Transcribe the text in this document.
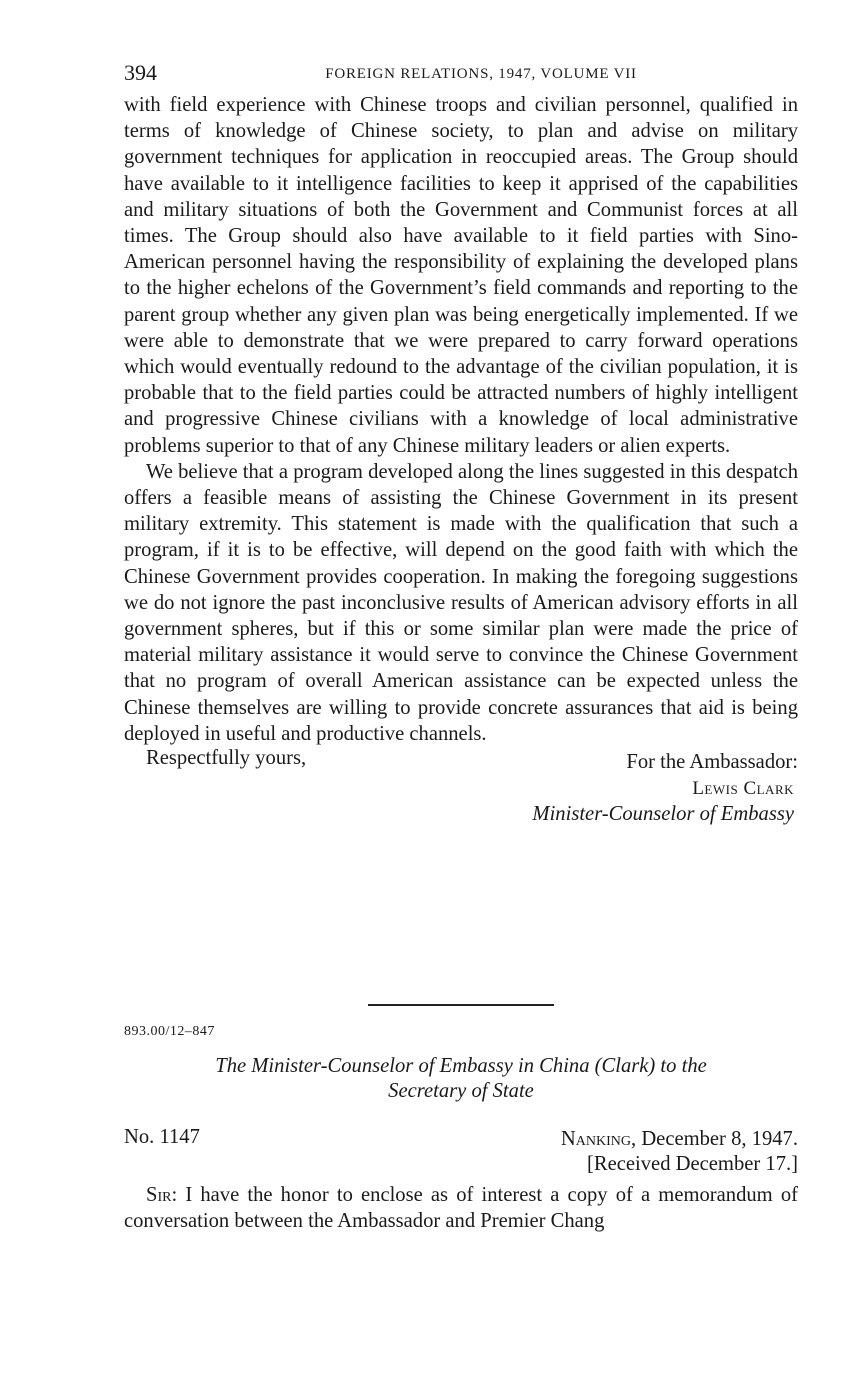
394	FOREIGN RELATIONS, 1947, VOLUME VII

with field experience with Chinese troops and civilian personnel, qualified in terms of knowledge of Chinese society, to plan and advise on military government techniques for application in reoccupied areas. The Group should have available to it intelligence facilities to keep it apprised of the capabilities and military situations of both the Government and Communist forces at all times. The Group should also have available to it field parties with Sino-American personnel having the responsibility of explaining the developed plans to the higher echelons of the Government’s field commands and reporting to the parent group whether any given plan was being energetically implemented. If we were able to demonstrate that we were prepared to carry forward operations which would eventually redound to the advantage of the civilian population, it is probable that to the field parties could be attracted numbers of highly intelligent and progressive Chinese civilians with a knowledge of local administrative problems superior to that of any Chinese military leaders or alien experts.

We believe that a program developed along the lines suggested in this despatch offers a feasible means of assisting the Chinese Government in its present military extremity. This statement is made with the qualification that such a program, if it is to be effective, will depend on the good faith with which the Chinese Government provides cooperation. In making the foregoing suggestions we do not ignore the past inconclusive results of American advisory efforts in all government spheres, but if this or some similar plan were made the price of material military assistance it would serve to convince the Chinese Government that no program of overall American assistance can be expected unless the Chinese themselves are willing to provide concrete assurances that aid is being deployed in useful and productive channels.

Respectfully yours,	For the Ambassador:
Lewis Clark
Minister-Counselor of Embassy
893.00/12–847
The Minister-Counselor of Embassy in China (Clark) to the
Secretary of State
No. 1147	Nanking, December 8, 1947.
[Received December 17.]

Sir: I have the honor to enclose as of interest a copy of a memorandum of conversation between the Ambassador and Premier Chang
